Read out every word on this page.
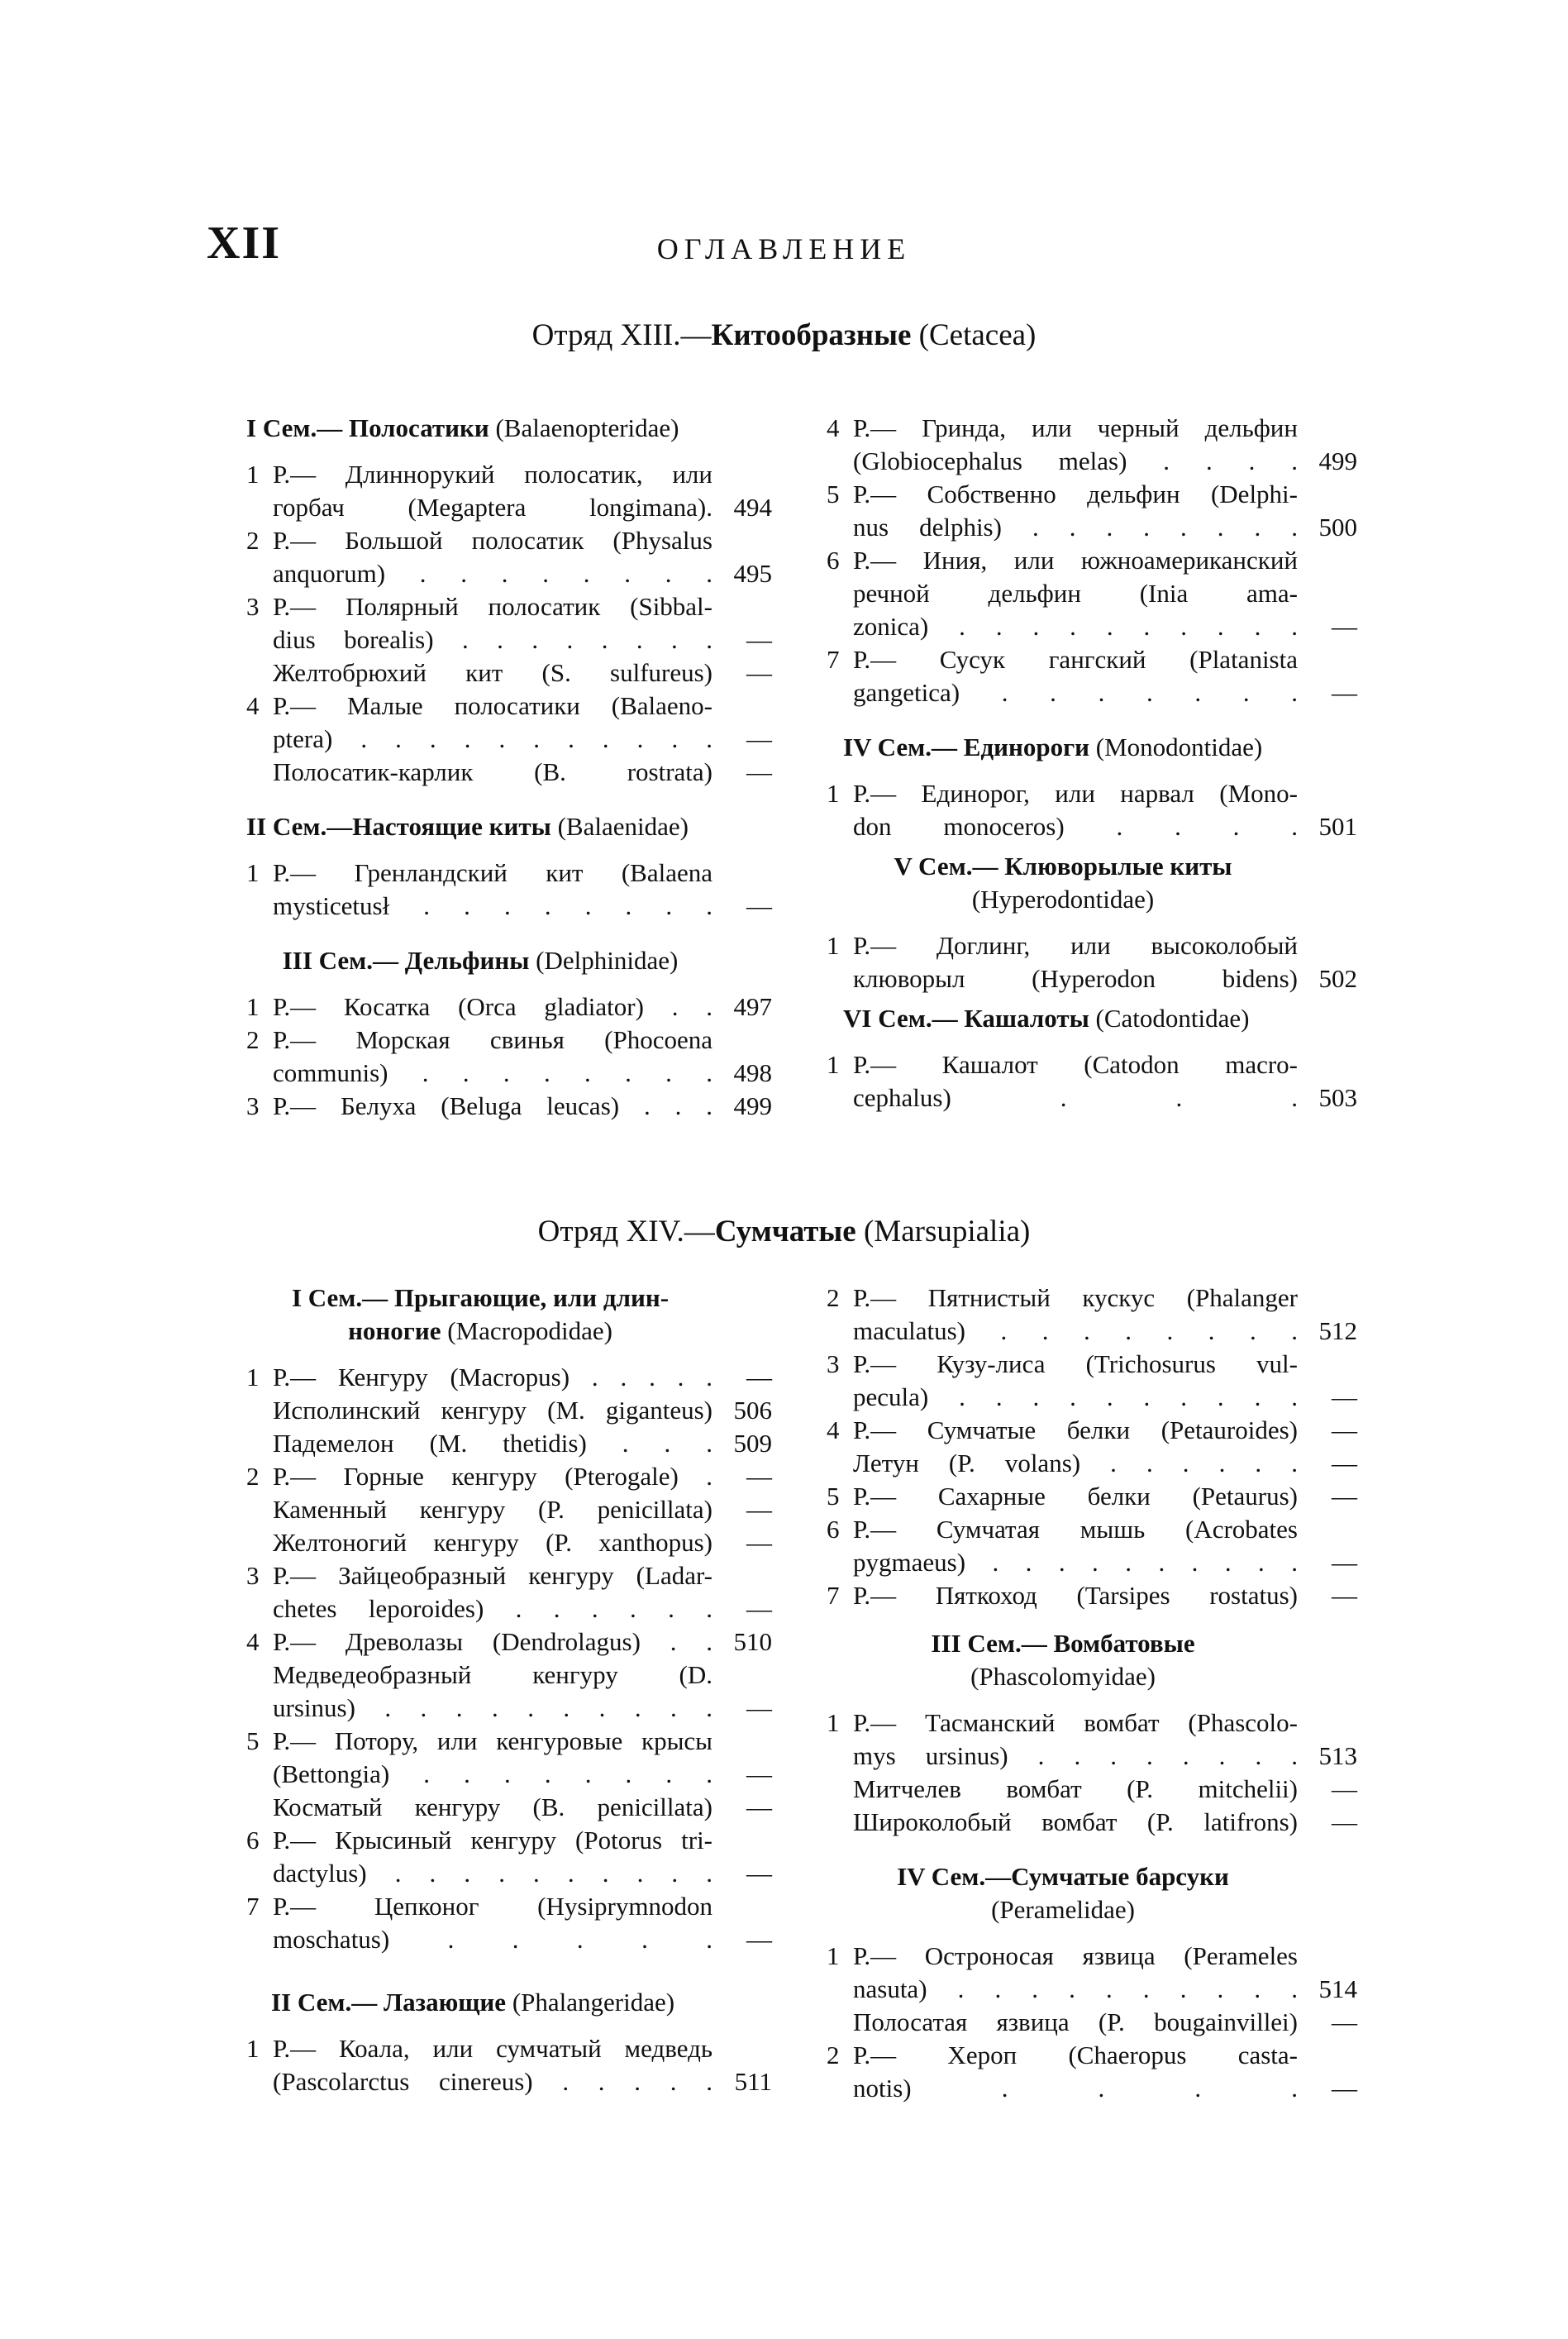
XII	ОГЛАВЛЕНИЕ
Отряд XIII.—Китообразные (Cetacea)
I Сем.— Полосатики (Balaenopteridae)
1 Р.— Длиннорукий полосатик, или
горбач (Megaptera longimana). 494
2 Р.— Большой полосатик (Physalus
anquorum) . . . . . . . . 495
3 Р.— Полярный полосатик (Sibbal-
dius borealis) . . . . . . . .	—
Желтобрюхий кит (S. sulfureus)	—
4 Р.— Малые полосатики (Balaeno-
ptera) . . . . . . . . . . .	—
Полосатик-карлик (B. rostrata)	—
II Сем.—Настоящие киты (Balaenidae)
1 Р.— Гренландский кит (Balaena
mysticetusł . . . . . . . .	—
III Сем.— Дельфины (Delphinidae)
1 Р.— Косатка (Orca gladiator) . . 497
2 Р.— Морская свинья (Phocoena
communis) . . . . . . . . 498
3 Р.— Белуха (Beluga leucas) . . . 499
4 Р.— Гринда, или черный дельфин
(Globiocephalus melas) . . . . 499
5 Р.— Собственно дельфин (Delphi-
nus delphis) . . . . . . . . 500
6 Р.— Иния, или южноамериканский
речной дельфин (Inia ama-
zonica) . . . . . . . . . .	—
7 Р.— Сусук гангский (Platanista
gangetica) . . . . . . .	—
IV Сем.— Единороги (Monodontidae)
1 Р.— Единорог, или нарвал (Mono-
don monoceros) . . . . 501
V Сем.— Клюворылые киты
(Hyperodontidae)
1 Р.— Доглинг, или высоколобый
клюворыл (Hyperodon bidens) 502
VI Сем.— Кашалоты (Catodontidae)
1 Р.— Кашалот (Catodon macro-
cephalus) . . . 503
Отряд XIV.—Сумчатые (Marsupialia)
I Сем.— Прыгающие, или длин-
ноногие (Macropodidae)
1 Р.— Кенгуру (Macropus) . . . . .	—
Исполинский кенгуру (M. giganteus) 506
Падемелон (M. thetidis) . . . 509
2 Р.— Горные кенгуру (Pterogale) .	—
Каменный кенгуру (P. penicillata)	—
Желтоногий кенгуру (P. xanthopus)	—
3 Р.— Зайцеобразный кенгуру (Ladar-
chetes leporoides) . . . . . .	—
4 Р.— Древолазы (Dendrolagus) . . 510
Медведеобразный кенгуру (D.
ursinus) . . . . . . . . . .	—
5 Р.— Потору, или кенгуровые крысы
(Bettongia) . . . . . . . .	—
Косматый кенгуру (B. penicillata)	—
6 Р.— Крысиный кенгуру (Potorus tri-
dactylus) . . . . . . . . . .	—
7 Р.— Цепконог (Hysiprymnodon
moschatus) . . . . .	—
II Сем.— Лазающие (Phalangeridae)
1 Р.— Коала, или сумчатый медведь
(Pascolarctus cinereus) . . . . . 511
2 Р.— Пятнистый кускус (Phalanger
maculatus) . . . . . . . . 512
3 Р.— Кузу-лиса (Trichosurus vul-
pecula) . . . . . . . . . .	—
4 Р.— Сумчатые белки (Petauroides)	—
Летун (P. volans) . . . . . .	—
5 Р.— Сахарные белки (Petaurus)	—
6 Р.— Сумчатая мышь (Acrobates
pygmaeus) . . . . . . . . . .	—
7 Р.— Пяткоход (Tarsipes rostatus)	—
III Сем.— Вомбатовые
(Phascolomyidae)
1 Р.— Тасманский вомбат (Phascolo-
mys ursinus) . . . . . . . . 513
Митчелев вомбат (P. mitchelii)	—
Широколобый вомбат (P. latifrons)	—
IV Сем.—Сумчатые барсуки
(Peramelidae)
1 Р.— Остроносая язвица (Perameles
nasuta) . . . . . . . . . . 514
Полосатая язвица (P. bougainvillei)	—
2 Р.— Хероп (Chaeropus casta-
notis) . . . .	—
